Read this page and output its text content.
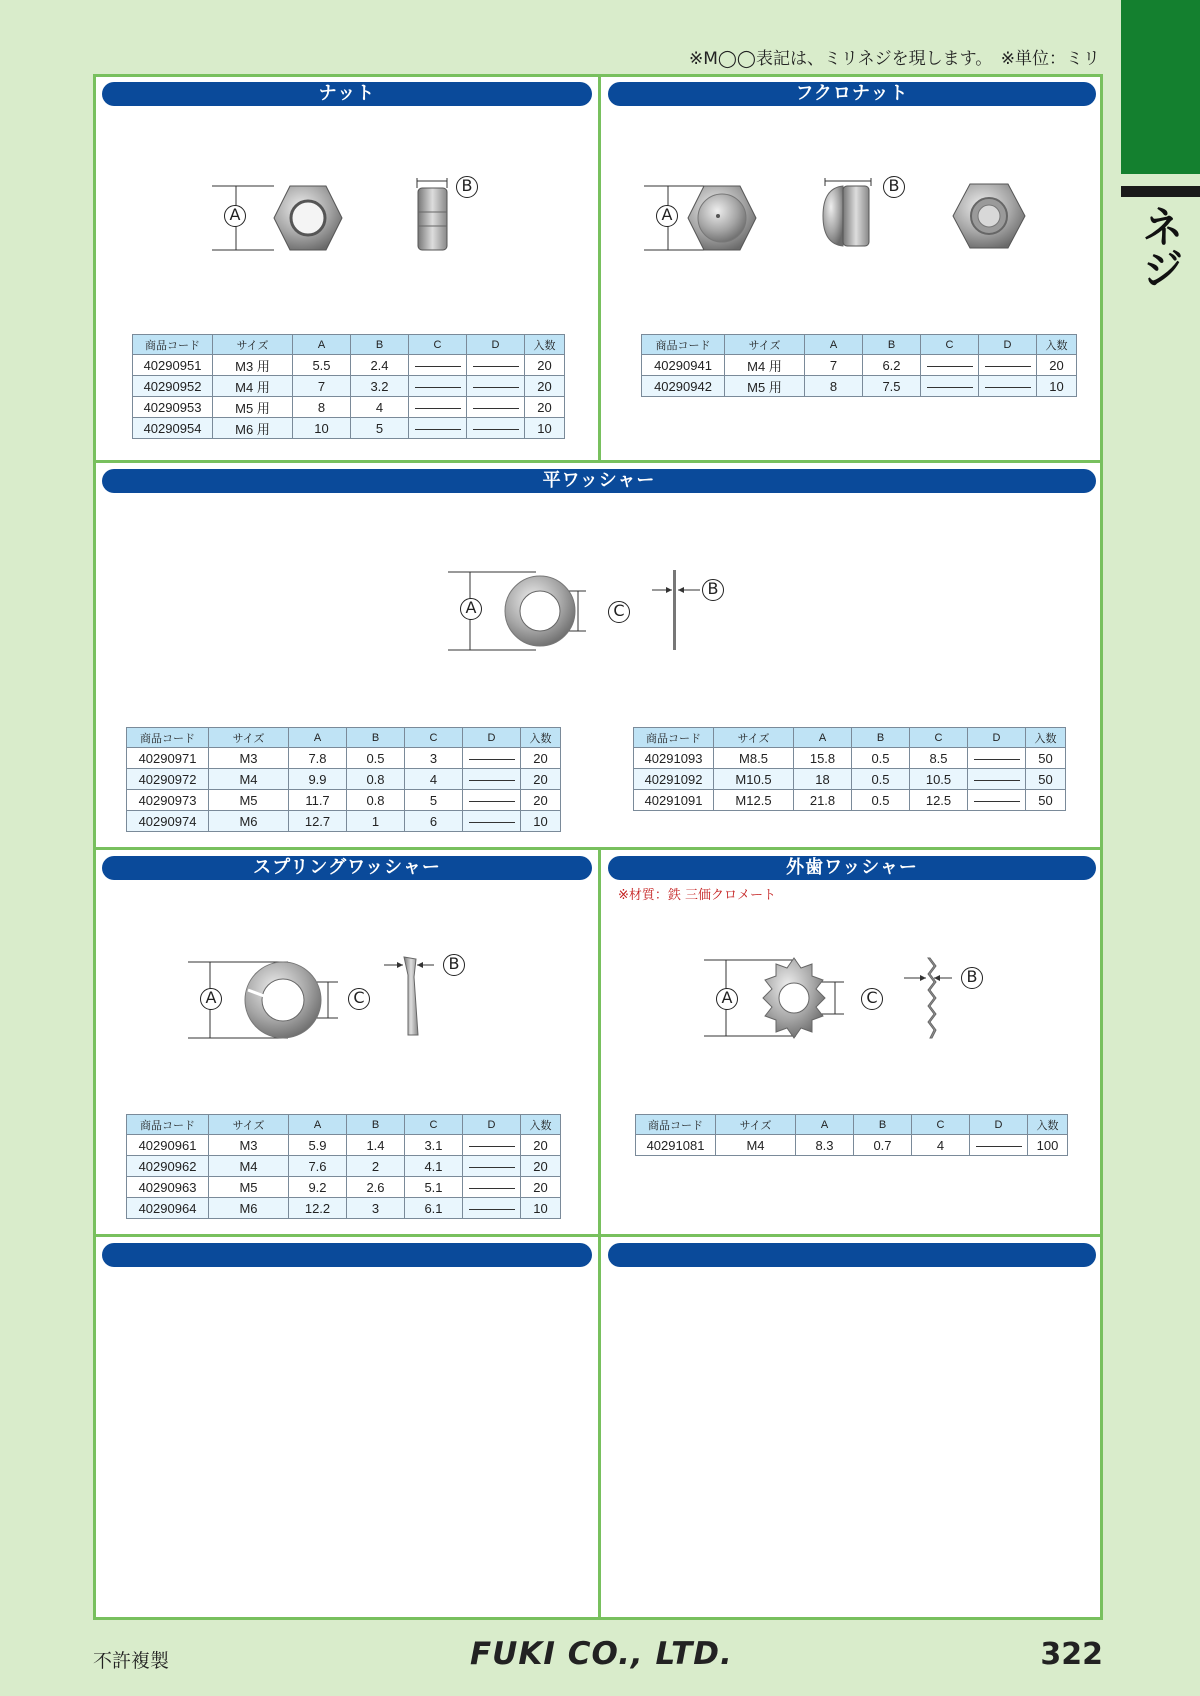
※M◯◯表記は、ミリネジを現します。　※単位：ミリ
ネジ
ナット	フクロナット
平ワッシャー
スプリングワッシャー	外歯ワッシャー
※材質：鉄 三価クロメート
A
B
A
B
A	C
B
A	C
B
A	C
B
商品コード	サイズ	A	B	C	D	入数
40290951	M3 用	5.5	2.4			20
40290952	M4 用	7	3.2			20
40290953	M5 用	8	4			20
40290954	M6 用	10	5			10
商品コード	サイズ	A	B	C	D	入数
40290941	M4 用	7	6.2			20
40290942	M5 用	8	7.5			10
商品コード	サイズ	A	B	C	D	入数
40290971	M3	7.8	0.5	3		20
40290972	M4	9.9	0.8	4		20
40290973	M5	11.7	0.8	5		20
40290974	M6	12.7	1	6		10
商品コード	サイズ	A	B	C	D	入数
40291093	M8.5	15.8	0.5	8.5		50
40291092	M10.5	18	0.5	10.5		50
40291091	M12.5	21.8	0.5	12.5		50
商品コード	サイズ	A	B	C	D	入数
40290961	M3	5.9	1.4	3.1		20
40290962	M4	7.6	2	4.1		20
40290963	M5	9.2	2.6	5.1		20
40290964	M6	12.2	3	6.1		10
商品コード	サイズ	A	B	C	D	入数
40291081	M4	8.3	0.7	4		100
不許複製	FUKI CO., LTD.	322
